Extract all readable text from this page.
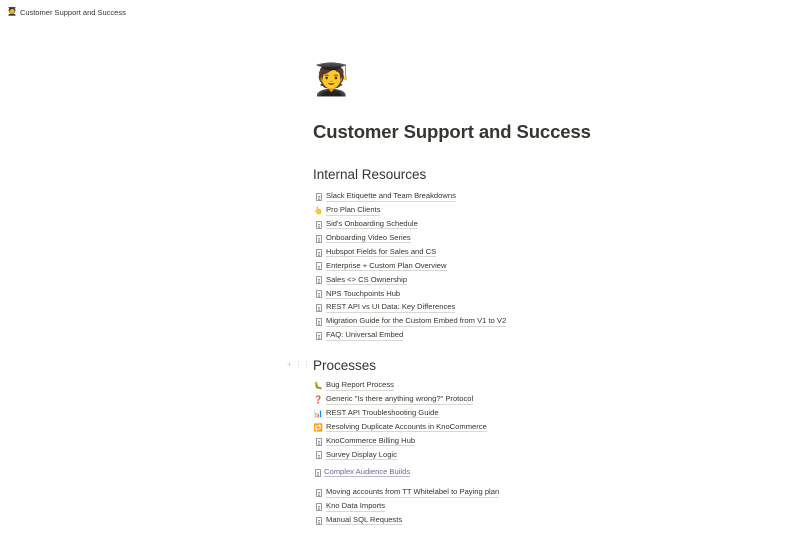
🧑‍🎓 Customer Support and Success
🧑‍🎓
Customer Support and Success
Internal Resources
Slack Etiquette and Team Breakdowns
👆 Pro Plan Clients
Sid's Onboarding Schedule
Onboarding Video Series
Hubspot Fields for Sales and CS
Enterprise + Custom Plan Overview
Sales <> CS Ownership
NPS Touchpoints Hub
REST API vs UI Data: Key Differences
Migration Guide for the Custom Embed from V1 to V2
FAQ: Universal Embed
+ ⋮⋮ Processes
🐛 Bug Report Process
❓ Generic "Is there anything wrong?" Protocol
📊 REST API Troubleshooting Guide
🔁 Resolving Duplicate Accounts in KnoCommerce
KnoCommerce Billing Hub
Survey Display Logic
Complex Audience Builds
Moving accounts from TT Whitelabel to Paying plan
Kno Data Imports
Manual SQL Requests
